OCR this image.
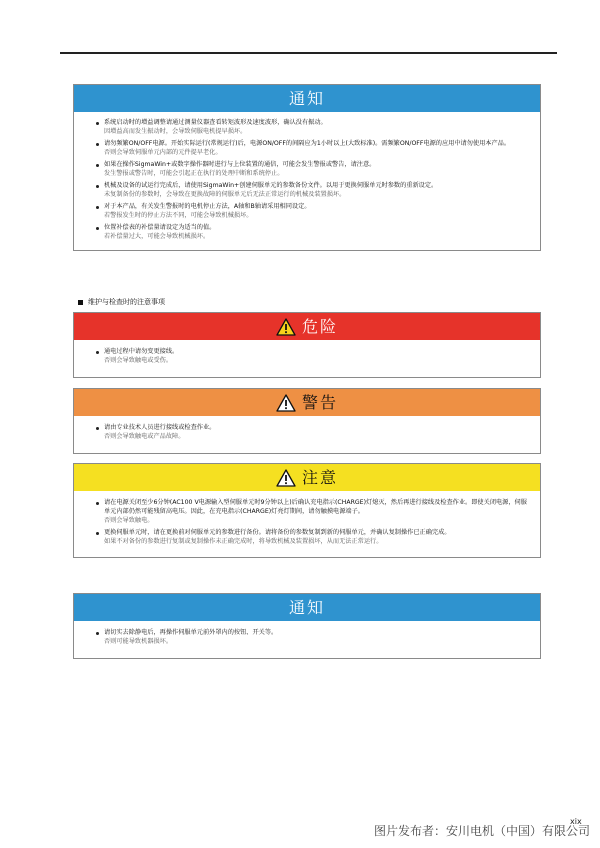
通知
系统启动时的增益调整请通过测量仪器查看转矩波形及速度波形，确认没有振动。
因增益高而发生振动时，会导致伺服电机提早损坏。
请勿频繁ON/OFF电源。开始实际运行(常规运行)后，电源ON/OFF的间隔应为1小时以上(大致标准)。需频繁ON/OFF电源的应用中请勿使用本产品。
否则会导致伺服单元内部的元件提早老化。
如果在操作SigmaWin+或数字操作器时进行与上位装置的通信，可能会发生警报或警告，请注意。
发生警报或警告时，可能会引起正在执行的处理中断和系统停止。
机械及设备的试运行完成后，请使用SigmaWin+创建伺服单元的参数备份文件。以用于更换伺服单元时参数的重新设定。
未复制备份的参数时，会导致在更换故障的伺服单元后无法正常运行的机械及装置损坏。
对于本产品，有关发生警报时的电机停止方法，A轴和B轴请采用相同设定。
若警报发生时的停止方法不同，可能会导致机械损坏。
位置补偿表的补偿量请设定为适当的值。
若补偿量过大，可能会导致机械损坏。
维护与检查时的注意事项
危险
通电过程中请勿变更接线。
否则会导致触电或受伤。
警告
请由专业技术人员进行接线或检查作业。
否则会导致触电或产品故障。
注意
请在电源关闭至少6分钟(AC100 V电源输入型伺服单元时9分钟以上)后确认充电指示(CHARGE)灯熄灭，然后再进行接线及检查作业。即使关闭电源，伺服单元内部仍然可能残留高电压。因此，在充电指示(CHARGE)灯亮灯期间，请勿触摸电源端子。
否则会导致触电。
更换伺服单元时，请在更换前对伺服单元的参数进行备份。请将备份的参数复制到新的伺服单元，并确认复制操作已正确完成。
如果不对备份的参数进行复制或复制操作未正确完成时，将导致机械及装置损坏，从而无法正常运行。
通知
请切实去除静电后，再操作伺服单元前外罩内的按钮、开关等。
否则可能导致机器损坏。
xix
图片发布者：安川电机（中国）有限公司
